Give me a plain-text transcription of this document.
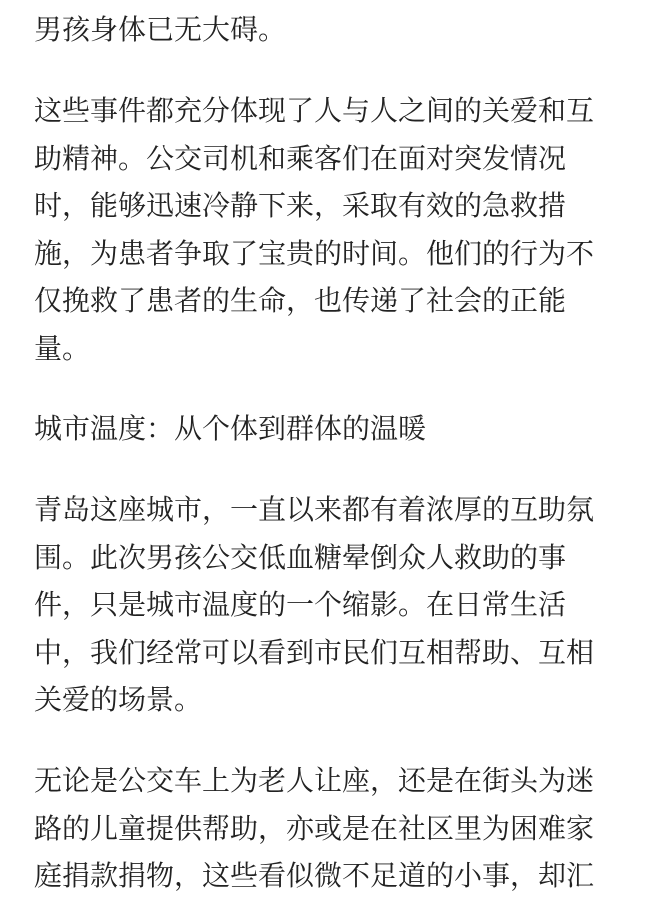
男孩身体已无大碍。

这些事件都充分体现了人与人之间的关爱和互
助精神。公交司机和乘客们在面对突发情况
时，能够迅速冷静下来，采取有效的急救措
施，为患者争取了宝贵的时间。他们的行为不
仅挽救了患者的生命，也传递了社会的正能
量。

城市温度：从个体到群体的温暖

青岛这座城市，一直以来都有着浓厚的互助氛
围。此次男孩公交低血糖晕倒众人救助的事
件，只是城市温度的一个缩影。在日常生活
中，我们经常可以看到市民们互相帮助、互相
关爱的场景。

无论是公交车上为老人让座，还是在街头为迷
路的儿童提供帮助，亦或是在社区里为困难家
庭捐款捐物，这些看似微不足道的小事，却汇
